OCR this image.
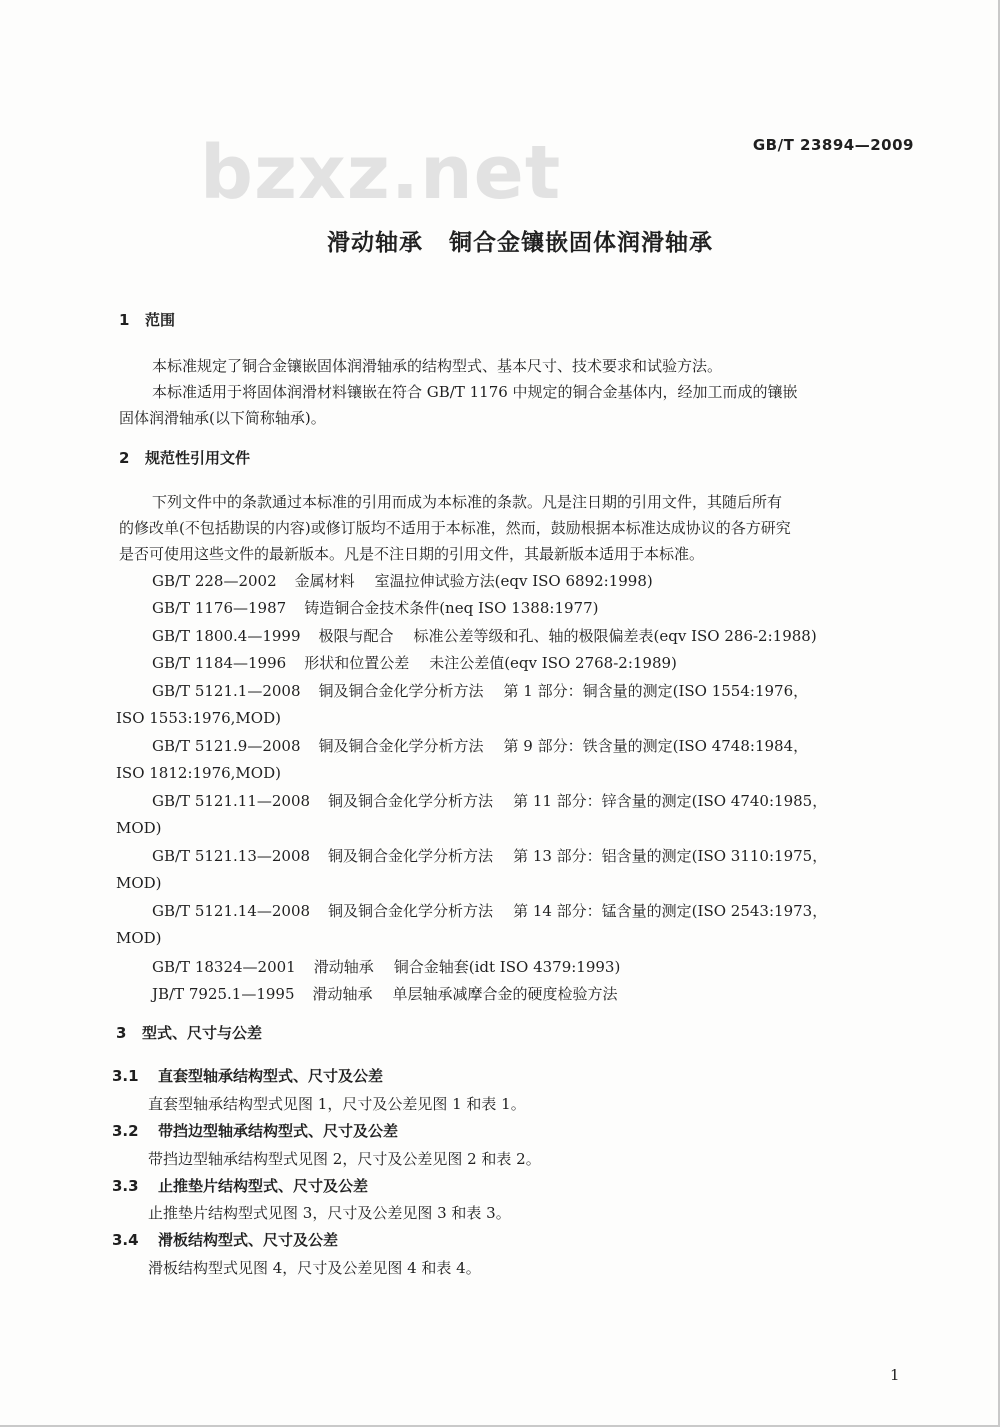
bzxz.net	GB/T 23894—2009
滑动轴承 铜合金镶嵌固体润滑轴承
1 范围
本标准规定了铜合金镶嵌固体润滑轴承的结构型式、基本尺寸、技术要求和试验方法。
本标准适用于将固体润滑材料镶嵌在符合 GB/T 1176 中规定的铜合金基体内，经加工而成的镶嵌
固体润滑轴承(以下简称轴承)。
2 规范性引用文件
下列文件中的条款通过本标准的引用而成为本标准的条款。凡是注日期的引用文件，其随后所有
的修改单(不包括勘误的内容)或修订版均不适用于本标准，然而，鼓励根据本标准达成协议的各方研究
是否可使用这些文件的最新版本。凡是不注日期的引用文件，其最新版本适用于本标准。
GB/T 228—2002 金属材料 室温拉伸试验方法(eqv ISO 6892:1998)
GB/T 1176—1987 铸造铜合金技术条件(neq ISO 1388:1977)
GB/T 1800.4—1999 极限与配合 标准公差等级和孔、轴的极限偏差表(eqv ISO 286-2:1988)
GB/T 1184—1996 形状和位置公差 未注公差值(eqv ISO 2768-2:1989)
GB/T 5121.1—2008 铜及铜合金化学分析方法 第 1 部分：铜含量的测定(ISO 1554:1976，
ISO 1553:1976,MOD)
GB/T 5121.9—2008 铜及铜合金化学分析方法 第 9 部分：铁含量的测定(ISO 4748:1984，
ISO 1812:1976,MOD)
GB/T 5121.11—2008 铜及铜合金化学分析方法 第 11 部分：锌含量的测定(ISO 4740:1985，
MOD)
GB/T 5121.13—2008 铜及铜合金化学分析方法 第 13 部分：铝含量的测定(ISO 3110:1975，
MOD)
GB/T 5121.14—2008 铜及铜合金化学分析方法 第 14 部分：锰含量的测定(ISO 2543:1973，
MOD)
GB/T 18324—2001 滑动轴承 铜合金轴套(idt ISO 4379:1993)
JB/T 7925.1—1995 滑动轴承 单层轴承减摩合金的硬度检验方法
3 型式、尺寸与公差
3.1 直套型轴承结构型式、尺寸及公差
直套型轴承结构型式见图 1，尺寸及公差见图 1 和表 1。
3.2 带挡边型轴承结构型式、尺寸及公差
带挡边型轴承结构型式见图 2，尺寸及公差见图 2 和表 2。
3.3 止推垫片结构型式、尺寸及公差
止推垫片结构型式见图 3，尺寸及公差见图 3 和表 3。
3.4 滑板结构型式、尺寸及公差
滑板结构型式见图 4，尺寸及公差见图 4 和表 4。
1
